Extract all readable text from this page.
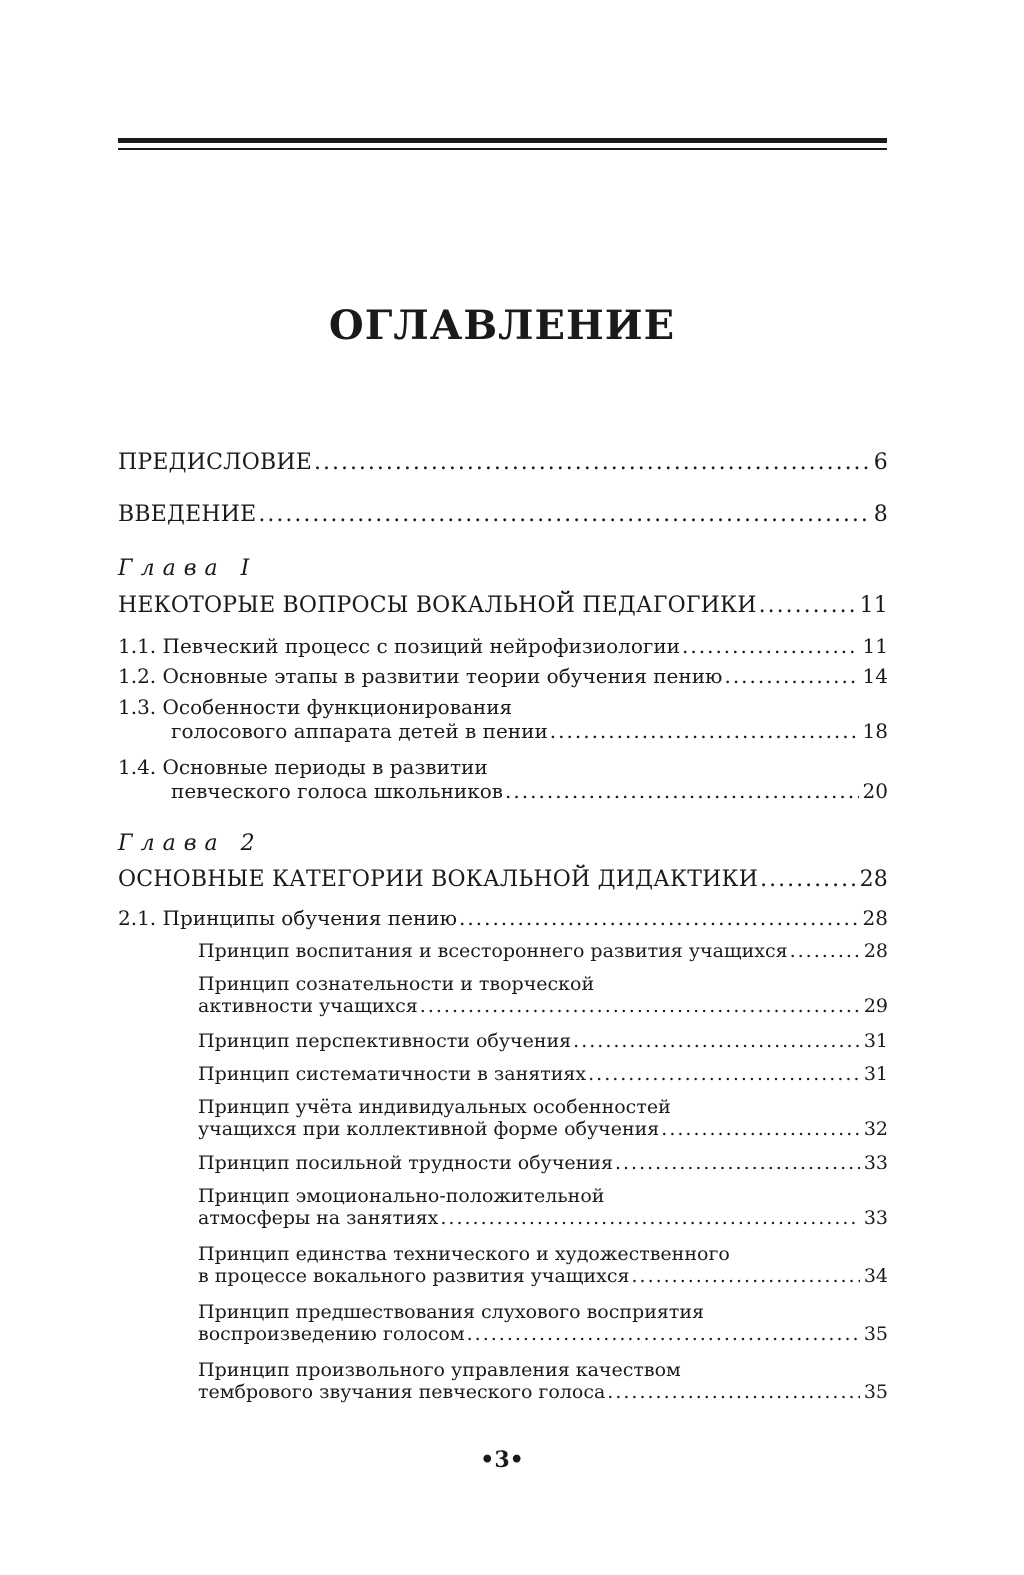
ОГЛАВЛЕНИЕ
ПРЕДИСЛОВИЕ .....	6
ВВЕДЕНИЕ .....	8
Глава I
НЕКОТОРЫЕ ВОПРОСЫ ВОКАЛЬНОЙ ПЕДАГОГИКИ .....	11
1.1. Певческий процесс с позиций нейрофизиологии .....	11
1.2. Основные этапы в развитии теории обучения пению .....	14
1.3. Особенности функционирования
голосового аппарата детей в пении .....	18
1.4. Основные периоды в развитии
певческого голоса школьников .....	20
Глава 2
ОСНОВНЫЕ КАТЕГОРИИ ВОКАЛЬНОЙ ДИДАКТИКИ .....	28
2.1. Принципы обучения пению .....	28
Принцип воспитания и всестороннего развития учащихся .....	28
Принцип сознательности и творческой
активности учащихся .....	29
Принцип перспективности обучения .....	31
Принцип систематичности в занятиях .....	31
Принцип учёта индивидуальных особенностей
учащихся при коллективной форме обучения .....	32
Принцип посильной трудности обучения .....	33
Принцип эмоционально-положительной
атмосферы на занятиях .....	33
Принцип единства технического и художественного
в процессе вокального развития учащихся .....	34
Принцип предшествования слухового восприятия
воспроизведению голосом .....	35
Принцип произвольного управления качеством
тембрового звучания певческого голоса .....	35
•3•
